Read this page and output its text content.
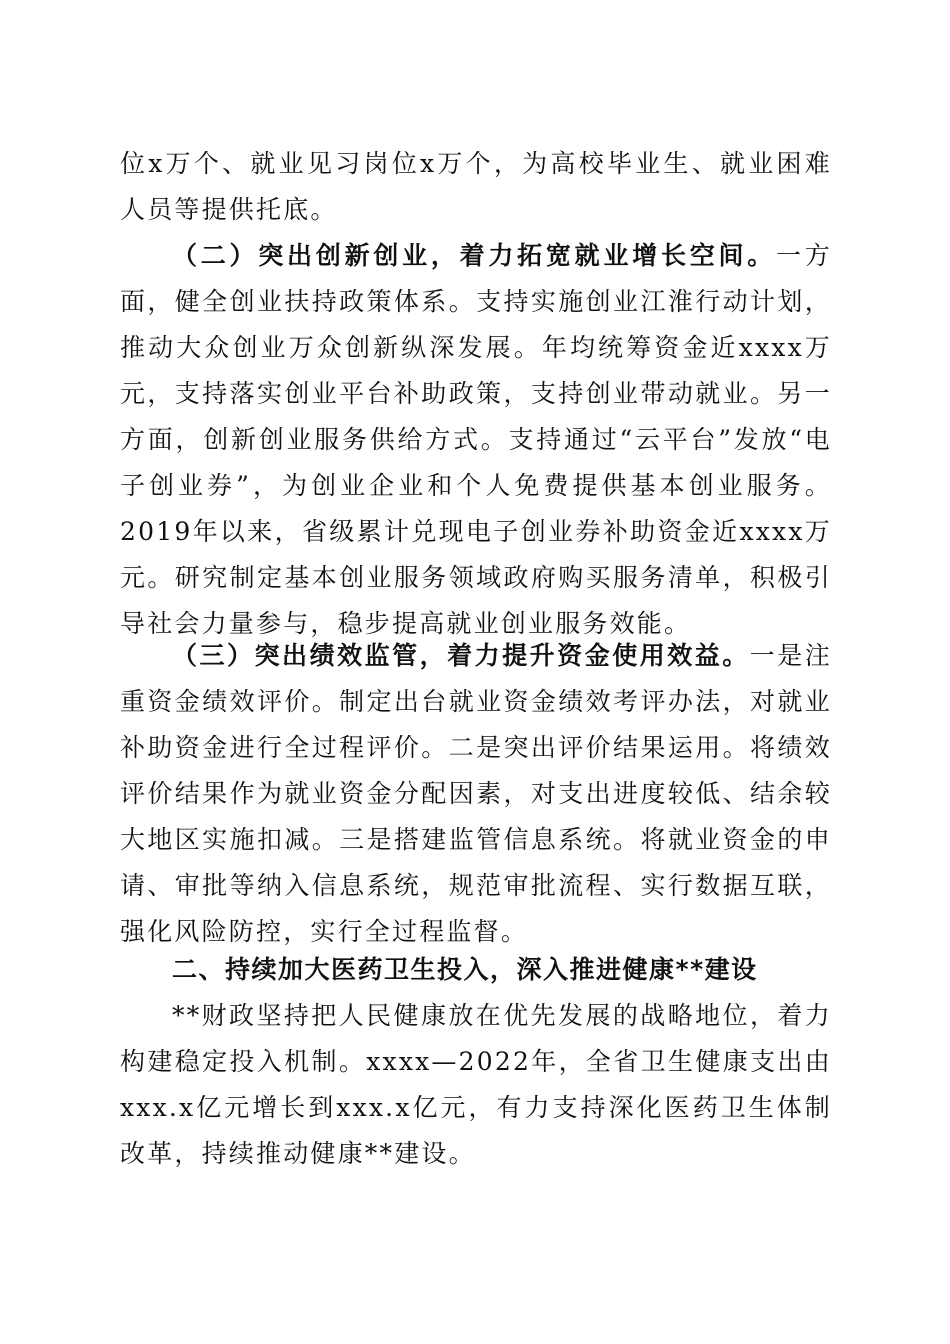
位x万个、就业见习岗位x万个，为高校毕业生、就业困难人员等提供托底。
（二）突出创新创业，着力拓宽就业增长空间。一方面，健全创业扶持政策体系。支持实施创业江淮行动计划，推动大众创业万众创新纵深发展。年均统筹资金近xxxx万元，支持落实创业平台补助政策，支持创业带动就业。另一方面，创新创业服务供给方式。支持通过“云平台”发放“电子创业券”，为创业企业和个人免费提供基本创业服务。2019年以来，省级累计兑现电子创业券补助资金近xxxx万元。研究制定基本创业服务领域政府购买服务清单，积极引导社会力量参与，稳步提高就业创业服务效能。
（三）突出绩效监管，着力提升资金使用效益。一是注重资金绩效评价。制定出台就业资金绩效考评办法，对就业补助资金进行全过程评价。二是突出评价结果运用。将绩效评价结果作为就业资金分配因素，对支出进度较低、结余较大地区实施扣减。三是搭建监管信息系统。将就业资金的申请、审批等纳入信息系统，规范审批流程、实行数据互联，强化风险防控，实行全过程监督。
二、持续加大医药卫生投入，深入推进健康**建设
**财政坚持把人民健康放在优先发展的战略地位，着力构建稳定投入机制。xxxx—2022年，全省卫生健康支出由xxx.x亿元增长到xxx.x亿元，有力支持深化医药卫生体制改革，持续推动健康**建设。
